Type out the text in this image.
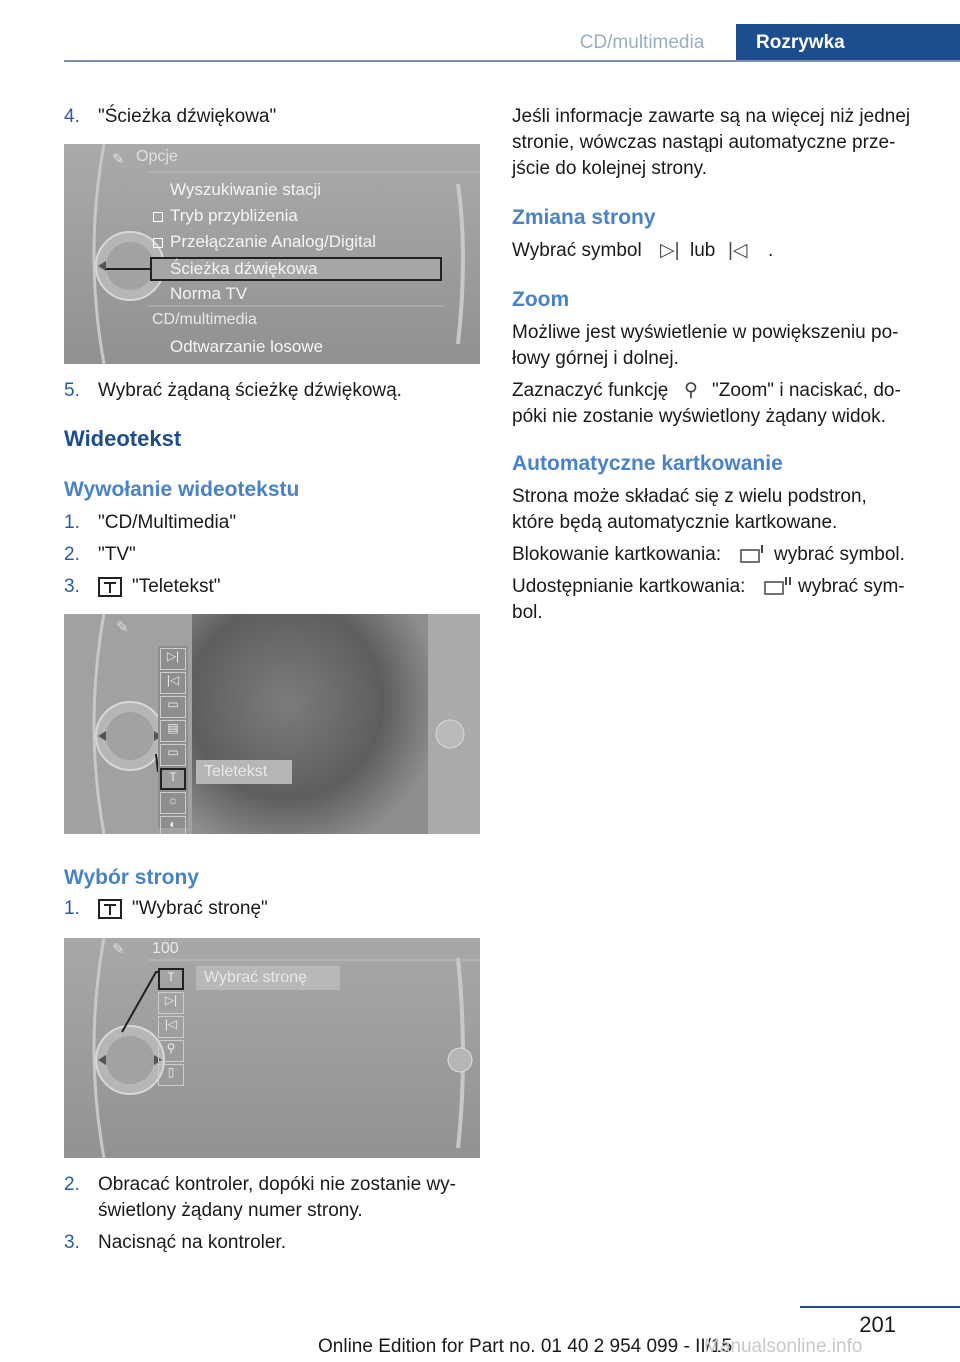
CD/multimedia	Rozrywka
4. "Ścieżka dźwiękowa"
✎ Opcje
Wyszukiwanie stacji
Tryb przybliżenia
Przełączanie Analog/Digital
Ścieżka dźwiękowa
Norma TV
CD/multimedia
Odtwarzanie losowe
5. Wybrać żądaną ścieżkę dźwiękową.
Wideotekst
Wywołanie wideotekstu
1. "CD/Multimedia"
2. "TV"
3.	"Teletekst"
✎
▷|
|◁
▭
▤
▭
T
☼
◐
Teletekst
Wybór strony
1.	"Wybrać stronę"
✎ 100
T
▷|
|◁
⚲
▯
Wybrać stronę
2. Obracać kontroler, dopóki nie zostanie wy-
świetlony żądany numer strony.
3. Nacisnąć na kontroler.
Jeśli informacje zawarte są na więcej niż jednej
stronie, wówczas nastąpi automatyczne prze-
jście do kolejnej strony.
Zmiana strony
Wybrać symbol ▷| lub |◁ .
Zoom
Możliwe jest wyświetlenie w powiększeniu po-
łowy górnej i dolnej.
Zaznaczyć funkcję ⚲ "Zoom" i naciskać, do-
póki nie zostanie wyświetlony żądany widok.
Automatyczne kartkowanie
Strona może składać się z wielu podstron,
które będą automatycznie kartkowane.
Blokowanie kartkowania:	wybrać symbol.
Udostępnianie kartkowania:	wybrać sym-
bol.
201
Online Edition for Part no. 01 40 2 954 099 - II/15
Manualsonline.info
